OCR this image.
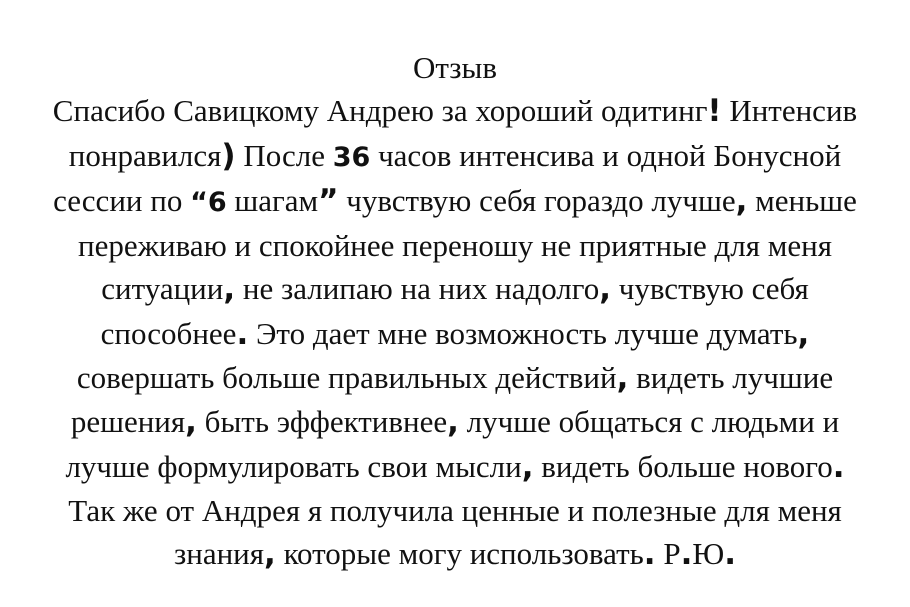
Отзыв
Спасибо Савицкому Андрею за хороший одитинг! Интенсив
понравился) После 36 часов интенсива и одной Бонусной
сессии по “6 шагам” чувствую себя гораздо лучше, меньше
переживаю и спокойнее переношу не приятные для меня
ситуации, не залипаю на них надолго, чувствую себя
способнее. Это дает мне возможность лучше думать,
совершать больше правильных действий, видеть лучшие
решения, быть эффективнее, лучше общаться с людьми и
лучше формулировать свои мысли, видеть больше нового.
Так же от Андрея я получила ценные и полезные для меня
знания, которые могу использовать. Р.Ю.
